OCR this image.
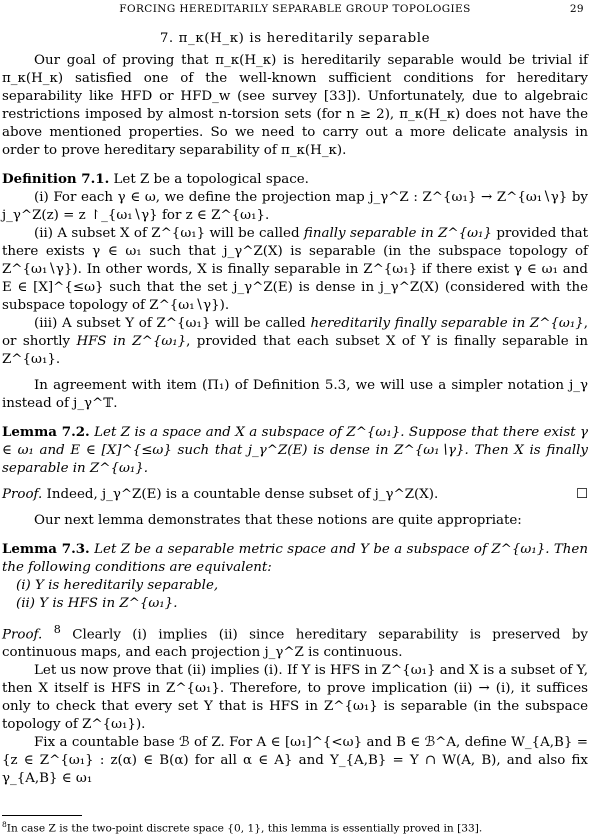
FORCING HEREDITARILY SEPARABLE GROUP TOPOLOGIES	29
7. π_κ(H_κ) is hereditarily separable

Our goal of proving that π_κ(H_κ) is hereditarily separable would be trivial if π_κ(H_κ) satisfied one of the well-known sufficient conditions for hereditary separability like HFD or HFD_w (see survey [33]). Unfortunately, due to algebraic restrictions imposed by almost n-torsion sets (for n ≥ 2), π_κ(H_κ) does not have the above mentioned properties. So we need to carry out a more delicate analysis in order to prove hereditary separability of π_κ(H_κ).

Definition 7.1. Let Z be a topological space.

(i) For each γ ∈ ω, we define the projection map j_γ^Z : Z^{ω₁} → Z^{ω₁∖γ} by j_γ^Z(z) = z ↾_{ω₁∖γ} for z ∈ Z^{ω₁}.

(ii) A subset X of Z^{ω₁} will be called finally separable in Z^{ω₁} provided that there exists γ ∈ ω₁ such that j_γ^Z(X) is separable (in the subspace topology of Z^{ω₁∖γ}). In other words, X is finally separable in Z^{ω₁} if there exist γ ∈ ω₁ and E ∈ [X]^{≤ω} such that the set j_γ^Z(E) is dense in j_γ^Z(X) (considered with the subspace topology of Z^{ω₁∖γ}).

(iii) A subset Y of Z^{ω₁} will be called hereditarily finally separable in Z^{ω₁}, or shortly HFS in Z^{ω₁}, provided that each subset X of Y is finally separable in Z^{ω₁}.

In agreement with item (Π₁) of Definition 5.3, we will use a simpler notation j_γ instead of j_γ^𝕋.

Lemma 7.2. Let Z is a space and X a subspace of Z^{ω₁}. Suppose that there exist γ ∈ ω₁ and E ∈ [X]^{≤ω} such that j_γ^Z(E) is dense in Z^{ω₁∖γ}. Then X is finally separable in Z^{ω₁}.

Proof. Indeed, j_γ^Z(E) is a countable dense subset of j_γ^Z(X).	☐

Our next lemma demonstrates that these notions are quite appropriate:

Lemma 7.3. Let Z be a separable metric space and Y be a subspace of Z^{ω₁}. Then the following conditions are equivalent:

(i) Y is hereditarily separable,

(ii) Y is HFS in Z^{ω₁}.

Proof. $^8$ Clearly (i) implies (ii) since hereditary separability is preserved by continuous maps, and each projection j_γ^Z is continuous.

Let us now prove that (ii) implies (i). If Y is HFS in Z^{ω₁} and X is a subset of Y, then X itself is HFS in Z^{ω₁}. Therefore, to prove implication (ii) → (i), it suffices only to check that every set Y that is HFS in Z^{ω₁} is separable (in the subspace topology of Z^{ω₁}).

Fix a countable base ℬ of Z. For A ∈ [ω₁]^{<ω} and B ∈ ℬ^A, define W_{A,B} = {z ∈ Z^{ω₁} : z(α) ∈ B(α) for all α ∈ A} and Y_{A,B} = Y ∩ W(A, B), and also fix γ_{A,B} ∈ ω₁

$^8$In case Z is the two-point discrete space {0, 1}, this lemma is essentially proved in [33].
